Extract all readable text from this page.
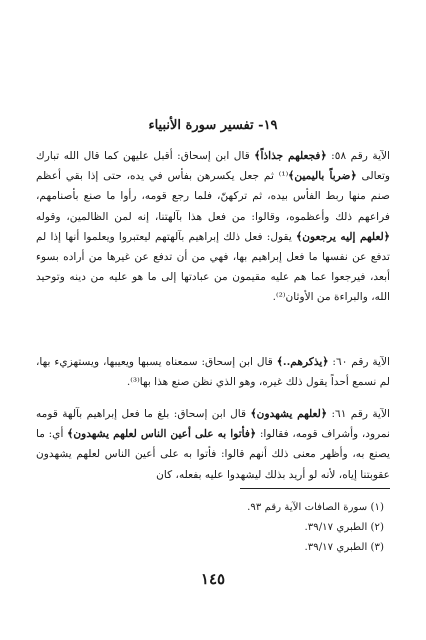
١٩- تفسير سورة الأنبياء
الآية رقم ٥٨: ﴿فجعلهم جذاذاً﴾ قال ابن إسحاق: أقبل عليهن كما قال الله تبارك وتعالى ﴿ضرباً باليمين﴾⁽¹⁾ ثم جعل يكسرهن بفأس في يده، حتى إذا بقي أعظم صنم منها ربط الفأس بيده، ثم تركهنّ، فلما رجع قومه، رأوا ما صنع بأصنامهم، فراعهم ذلك وأعظموه، وقالوا: من فعل هذا بآلهتنا، إنه لمن الظالمين، وقوله ﴿لعلهم إليه يرجعون﴾ يقول: فعل ذلك إبراهيم بآلهتهم ليعتبروا ويعلموا أنها إذا لم تدفع عن نفسها ما فعل إبراهيم بها، فهي من أن تدفع عن غيرها من أراده بسوء أبعد، فيرجعوا عما هم عليه مقيمون من عبادتها إلى ما هو عليه من دينه وتوحيد الله، والبراءة من الأوثان⁽²⁾.
الآية رقم ٦٠: ﴿يذكرهم..﴾ قال ابن إسحاق: سمعناه يسبها ويعيبها، ويستهزيء بها، لم نسمع أحداً يقول ذلك غيره، وهو الذي نظن صنع هذا بها⁽³⁾.
الآية رقم ٦١: ﴿لعلهم يشهدون﴾ قال ابن إسحاق: بلغ ما فعل إبراهيم بآلهة قومه نمرود، وأشراف قومه، فقالوا: ﴿فأتوا به على أعين الناس لعلهم يشهدون﴾ أي: ما يصنع به، وأظهر معنى ذلك أنهم قالوا: فأتوا به على أعين الناس لعلهم يشهدون عقوبتنا إياه، لأنه لو أريد بذلك ليشهدوا عليه بفعله، كان
(١) سورة الصافات الآية رقم ٩٣.
(٢) الطبري ٣٩/١٧.
(٣) الطبري ٣٩/١٧.
١٤٥
